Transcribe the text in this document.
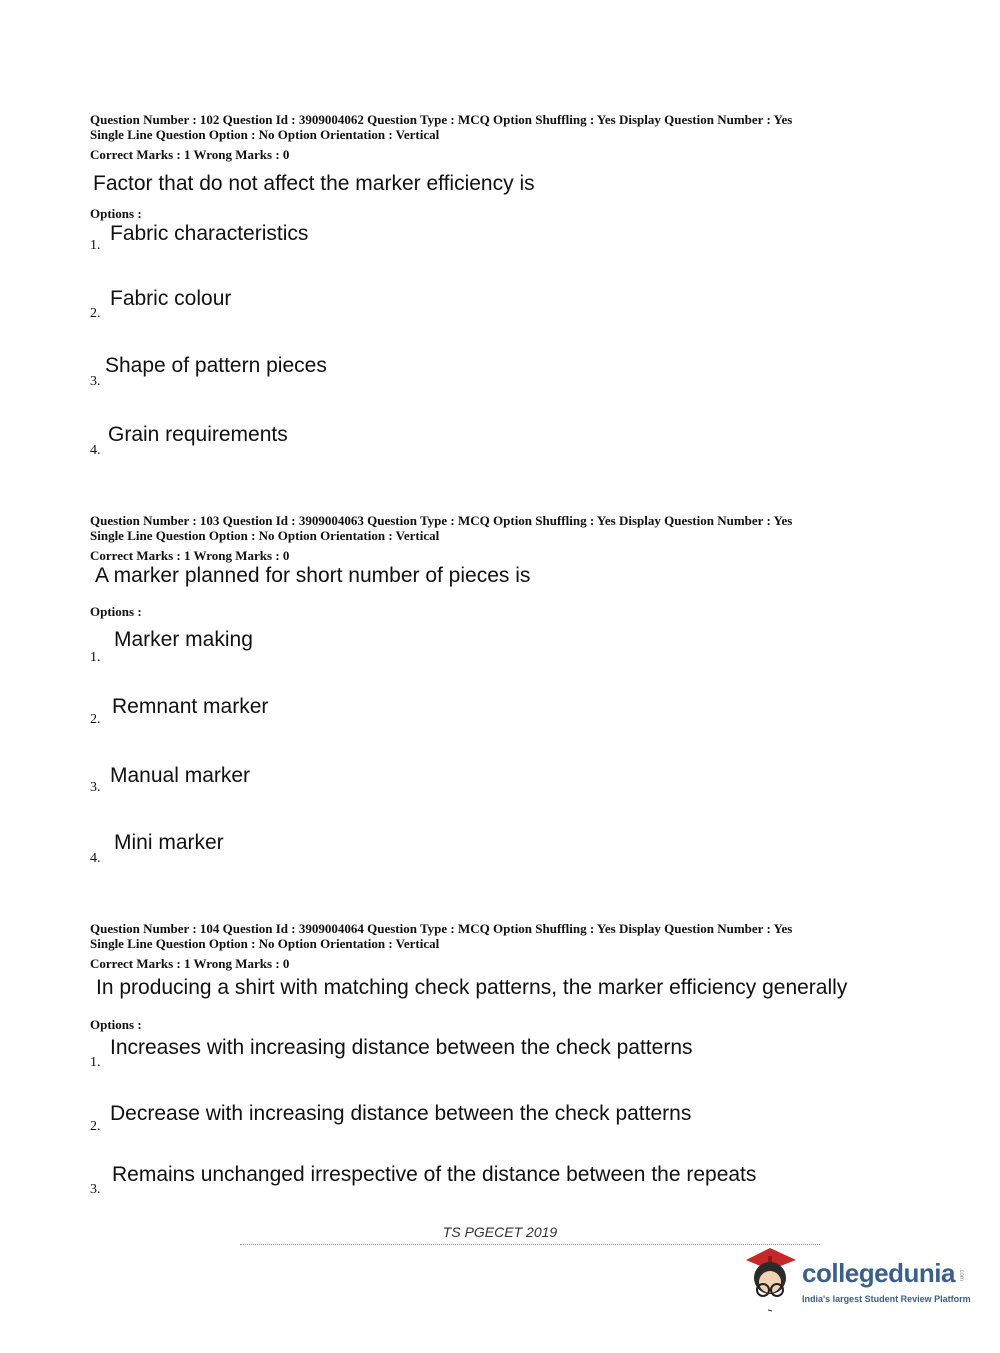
Question Number : 102 Question Id : 3909004062 Question Type : MCQ Option Shuffling : Yes Display Question Number : Yes
Single Line Question Option : No Option Orientation : Vertical
Correct Marks : 1 Wrong Marks : 0
Factor that do not affect the marker efficiency is
Options :
1.
Fabric characteristics
2.
Fabric colour
3.
Shape of pattern pieces
4.
Grain requirements
Question Number : 103 Question Id : 3909004063 Question Type : MCQ Option Shuffling : Yes Display Question Number : Yes
Single Line Question Option : No Option Orientation : Vertical
Correct Marks : 1 Wrong Marks : 0
A marker planned for short number of pieces is
Options :
1.
Marker making
2.
Remnant marker
3.
Manual marker
4.
Mini marker
Question Number : 104 Question Id : 3909004064 Question Type : MCQ Option Shuffling : Yes Display Question Number : Yes
Single Line Question Option : No Option Orientation : Vertical
Correct Marks : 1 Wrong Marks : 0
In producing a shirt with matching check patterns, the marker efficiency generally
Options :
1.
Increases with increasing distance between the check patterns
2.
Decrease with increasing distance between the check patterns
3.
Remains unchanged irrespective of the distance between the repeats
TS PGECET 2019
collegedunia .com
India's largest Student Review Platform
